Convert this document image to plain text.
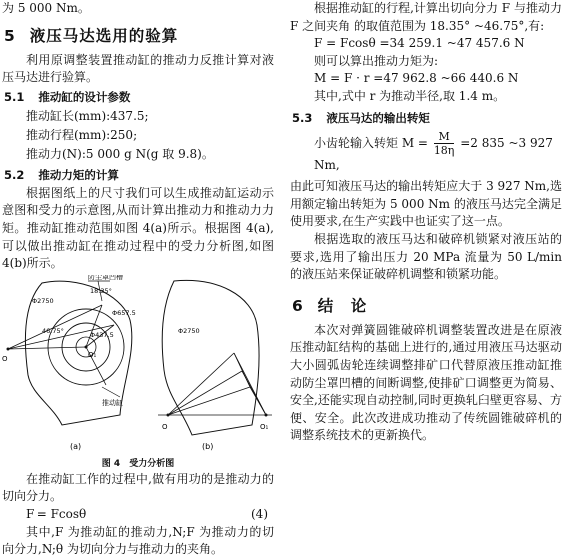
为 5 000 Nm。

5 液压马达选用的验算

利用原调整装置推动缸的推动力反推计算对液压马达进行验算。

5.1 推动缸的设计参数
推动缸长(mm):437.5;
推动行程(mm):250;
推动力(N):5 000 g N(g 取 9.8)。
5.2 推动力矩的计算

根据图纸上的尺寸我们可以生成推动缸运动示意图和受力的示意图,从而计算出推动力和推动力力矩。推动缸推动范围如图 4(a)所示。根据图 4(a),可以做出推动缸在推动过程中的受力分析图,如图4(b)所示。

O	O₁
防尘罩凹槽
推动缸
Φ2750
Φ657.5
Φ437.5
18.35°
46.75°
(a)
O	O₁
Φ2750
(b)
图 4　受力分析图

在推动缸工作的过程中,做有用功的是推动力的切向分力。

F = Fcosθ	(4)

其中,F 为推动缸的推动力,N;F 为推动力的切向分力,N;θ 为切向分力与推动力的夹角。

根据推动缸的行程,计算出切向分力 F 与推动力 F 之间夹角 的取值范围为 18.35° ~46.75°,有:

F = Fcosθ =34 259.1 ~47 457.6 N

则可以算出推动力矩为:

M = F · r =47 962.8 ~66 440.6 N

其中,式中 r 为推动半径,取 1.4 m。

5.3 液压马达的输出转矩
小齿轮输入转矩 $M = \frac{M}{18\eta} =2$ 835 ~3 927 Nm,

由此可知液压马达的输出转矩应大于 3 927 Nm,选用额定输出转矩为 5 000 Nm 的液压马达完全满足使用要求,在生产实践中也证实了这一点。

根据选取的液压马达和破碎机锁紧对液压站的要求,选用了输出压力 20 MPa 流量为 50 L/min 的液压站来保证破碎机调整和锁紧功能。

6 结　论

本次对弹簧圆锥破碎机调整装置改进是在原液压推动缸结构的基础上进行的,通过用液压马达驱动大小圆弧齿轮连续调整排矿口代替原液压推动缸推动防尘罩凹槽的间断调整,使排矿口调整更为简易、安全,还能实现自动控制,同时更换轧臼壁更容易、方便、安全。此次改进成功推动了传统圆锥破碎机的调整系统技术的更新换代。
